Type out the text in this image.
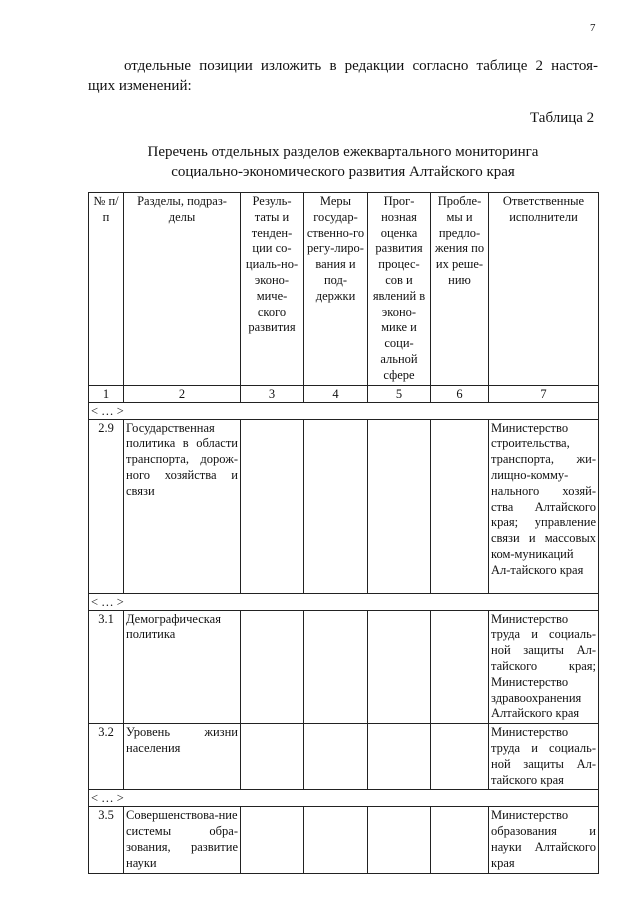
7
отдельные позиции изложить в редакции согласно таблице 2 настоя-
щих изменений:
Таблица 2
Перечень отдельных разделов ежеквартального мониторинга
социально-экономического развития Алтайского края
№ п/п	Разделы, подраз-делы	Резуль-таты и тенден-ции со-циаль-но-эконо-миче-ского развития	Меры государ-ственно-го регу-лиро-вания и под-держки	Прог-нозная оценка развития процес-сов и явлений в эконо-мике и соци-альной сфере	Пробле-мы и предло-жения по их реше-нию	Ответственные исполнители
1	2	3	4	5	6	7
< … >						
2.9	Государственная политика в области транспорта, дорож-ного хозяйства и связи					Министерство строительства, транспорта, жи-лищно-комму-нального хозяй-ства Алтайского края; управление связи и массовых ком-муникаций Ал-тайского края
< … >						
3.1	Демографическая политика					Министерство труда и социаль-ной защиты Ал-тайского края; Министерство здравоохранения Алтайского края
3.2	Уровень жизни населения					Министерство труда и социаль-ной защиты Ал-тайского края
< … >						
3.5	Совершенствова-ние системы обра-зования, развитие науки					Министерство образования и науки Алтайского края
